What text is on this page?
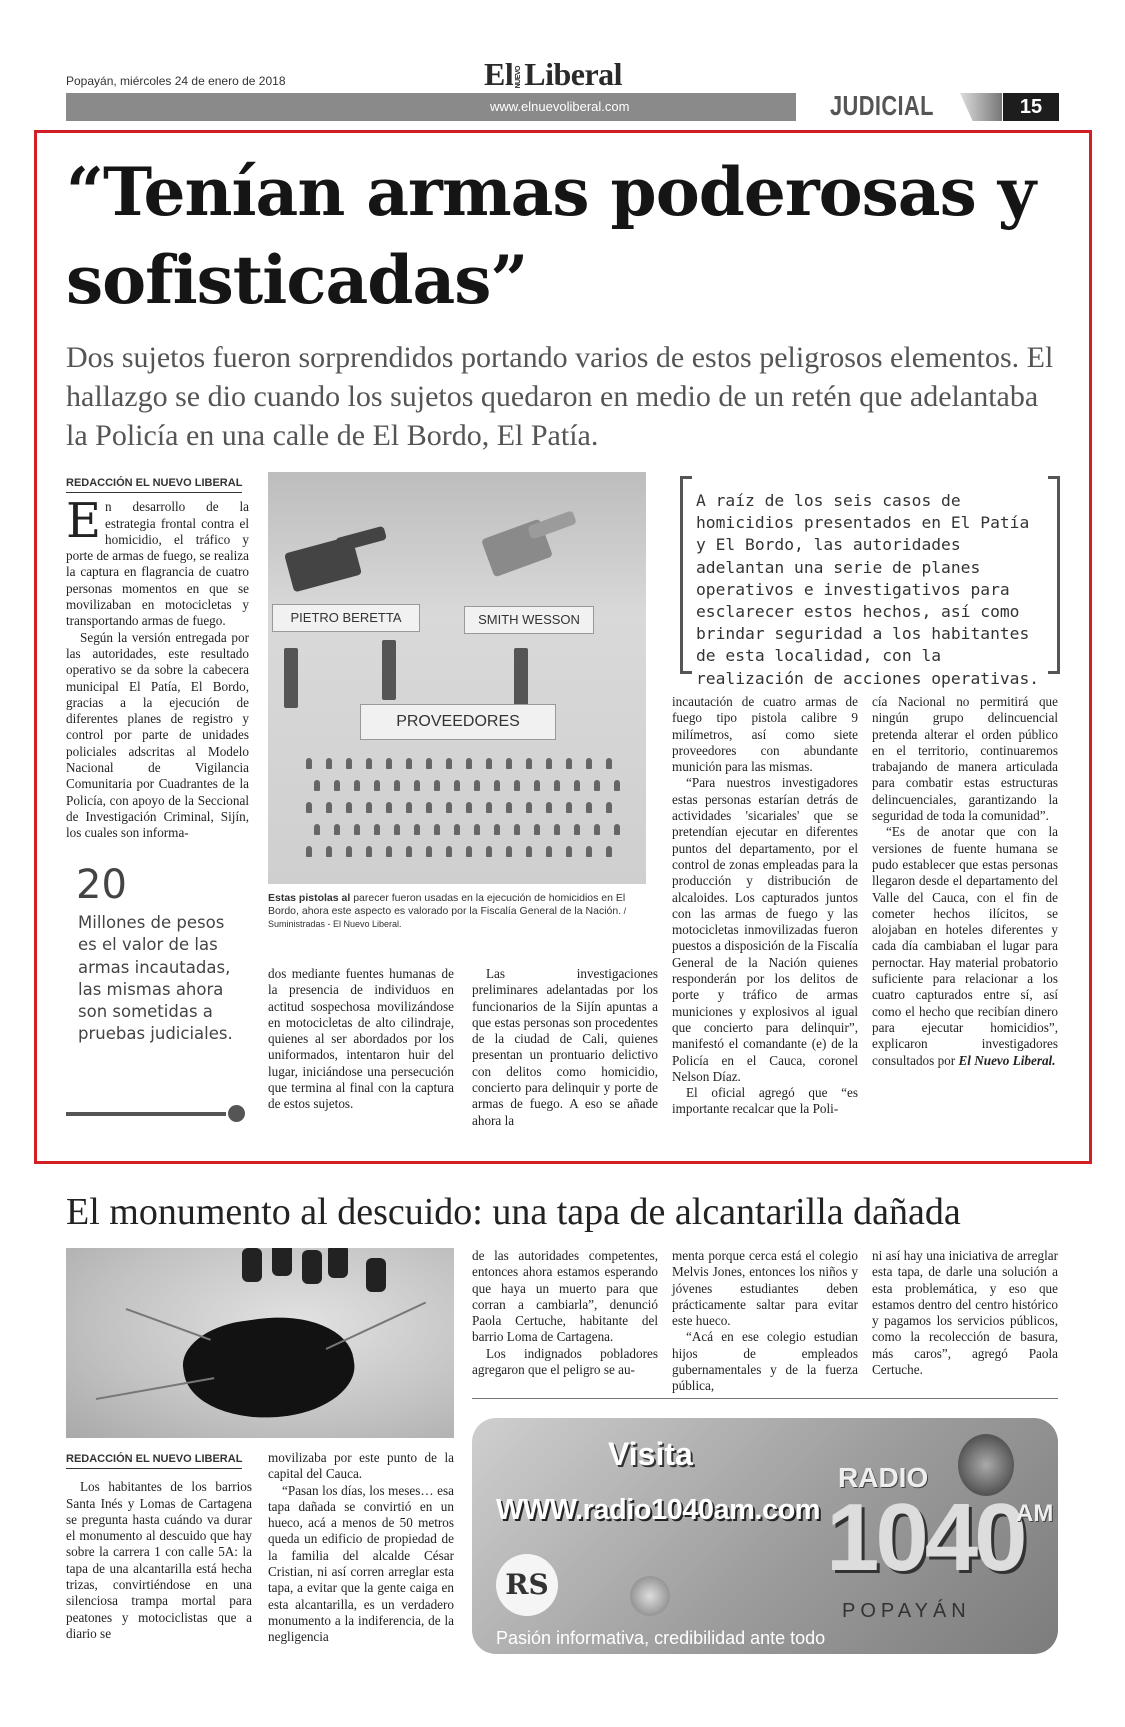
Popayán, miércoles 24 de enero de 2018	El NUEVOLiberal
www.elnuevoliberal.com	JUDICIAL	15
“Tenían armas poderosas y sofisticadas”
Dos sujetos fueron sorprendidos portando varios de estos peligrosos elementos. El hallazgo se dio cuando los sujetos quedaron en medio de un retén que adelantaba la Policía en una calle de El Bordo, El Patía.
REDACCIÓN EL NUEVO LIBERAL
E n desarrollo de la estrategia frontal contra el homicidio, el tráfico y porte de armas de fuego, se realiza la captura en flagrancia de cuatro personas momentos en que se movilizaban en motocicletas y transportando armas de fuego.

Según la versión entregada por las autoridades, este resultado operativo se da sobre la cabecera municipal El Patía, El Bordo, gracias a la ejecución de diferentes planes de registro y control por parte de unidades policiales adscritas al Modelo Nacional de Vigilancia Comunitaria por Cuadrantes de la Policía, con apoyo de la Seccional de Investigación Criminal, Sijín, los cuales son informa-

PIETRO BERETTA	SMITH WESSON
PROVEEDORES
Estas pistolas al parecer fueron usadas en la ejecución de homicidios en El Bordo, ahora este aspecto es valorado por la Fiscalía General de la Nación. / Suministradas - El Nuevo Liberal.
A raíz de los seis casos de homicidios presentados en El Patía y El Bordo, las autoridades adelantan una serie de planes operativos e investigativos para esclarecer estos hechos, así como brindar seguridad a los habitantes de esta localidad, con la realización de acciones operativas.

dos mediante fuentes humanas de la presencia de individuos en actitud sospechosa movilizándose en motocicletas de alto cilindraje, quienes al ser abordados por los uniformados, intentaron huir del lugar, iniciándose una persecución que termina al final con la captura de estos sujetos.

Las investigaciones preliminares adelantadas por los funcionarios de la Sijín apuntas a que estas personas son procedentes de la ciudad de Cali, quienes presentan un prontuario delictivo con delitos como homicidio, concierto para delinquir y porte de armas de fuego. A eso se añade ahora la

incautación de cuatro armas de fuego tipo pistola calibre 9 milímetros, así como siete proveedores con abundante munición para las mismas.

“Para nuestros investigadores estas personas estarían detrás de actividades 'sicariales' que se pretendían ejecutar en diferentes puntos del departamento, por el control de zonas empleadas para la producción y distribución de alcaloides. Los capturados juntos con las armas de fuego y las motocicletas inmovilizadas fueron puestos a disposición de la Fiscalía General de la Nación quienes responderán por los delitos de porte y tráfico de armas municiones y explosivos al igual que concierto para delinquir”, manifestó el comandante (e) de la Policía en el Cauca, coronel Nelson Díaz.

El oficial agregó que “es importante recalcar que la Poli-

cía Nacional no permitirá que ningún grupo delincuencial pretenda alterar el orden público en el territorio, continuaremos trabajando de manera articulada para combatir estas estructuras delincuenciales, garantizando la seguridad de toda la comunidad”.

“Es de anotar que con la versiones de fuente humana se pudo establecer que estas personas llegaron desde el departamento del Valle del Cauca, con el fin de cometer hechos ilícitos, se alojaban en hoteles diferentes y cada día cambiaban el lugar para pernoctar. Hay material probatorio suficiente para relacionar a los cuatro capturados entre sí, así como el hecho que recibían dinero para ejecutar homicidios”, explicaron investigadores consultados por El Nuevo Liberal.

20
Millones de pesos es el valor de las armas incautadas, las mismas ahora son sometidas a pruebas judiciales.
El monumento al descuido: una tapa de alcantarilla dañada
REDACCIÓN EL NUEVO LIBERAL

Los habitantes de los barrios Santa Inés y Lomas de Cartagena se pregunta hasta cuándo va durar el monumento al descuido que hay sobre la carrera 1 con calle 5A: la tapa de una alcantarilla está hecha trizas, convirtiéndose en una silenciosa trampa mortal para peatones y motociclistas que a diario se

movilizaba por este punto de la capital del Cauca.

“Pasan los días, los meses… esa tapa dañada se convirtió en un hueco, acá a menos de 50 metros queda un edificio de propiedad de la familia del alcalde César Cristian, ni así corren arreglar esta tapa, a evitar que la gente caiga en esta alcantarilla, es un verdadero monumento a la indiferencia, de la negligencia

de las autoridades competentes, entonces ahora estamos esperando que haya un muerto para que corran a cambiarla”, denunció Paola Certuche, habitante del barrio Loma de Cartagena.

Los indignados pobladores agregaron que el peligro se au-

menta porque cerca está el colegio Melvis Jones, entonces los niños y jóvenes estudiantes deben prácticamente saltar para evitar este hueco.

“Acá en ese colegio estudian hijos de empleados gubernamentales y de la fuerza pública,

ni así hay una iniciativa de arreglar esta tapa, de darle una solución a esta problemática, y eso que estamos dentro del centro histórico y pagamos los servicios públicos, como la recolección de basura, más caros”, agregó Paola Certuche.

Visita
WWW.radio1040am.com
RADIO
1040
AM
POPAYÁN
RS
Pasión informativa, credibilidad ante todo
